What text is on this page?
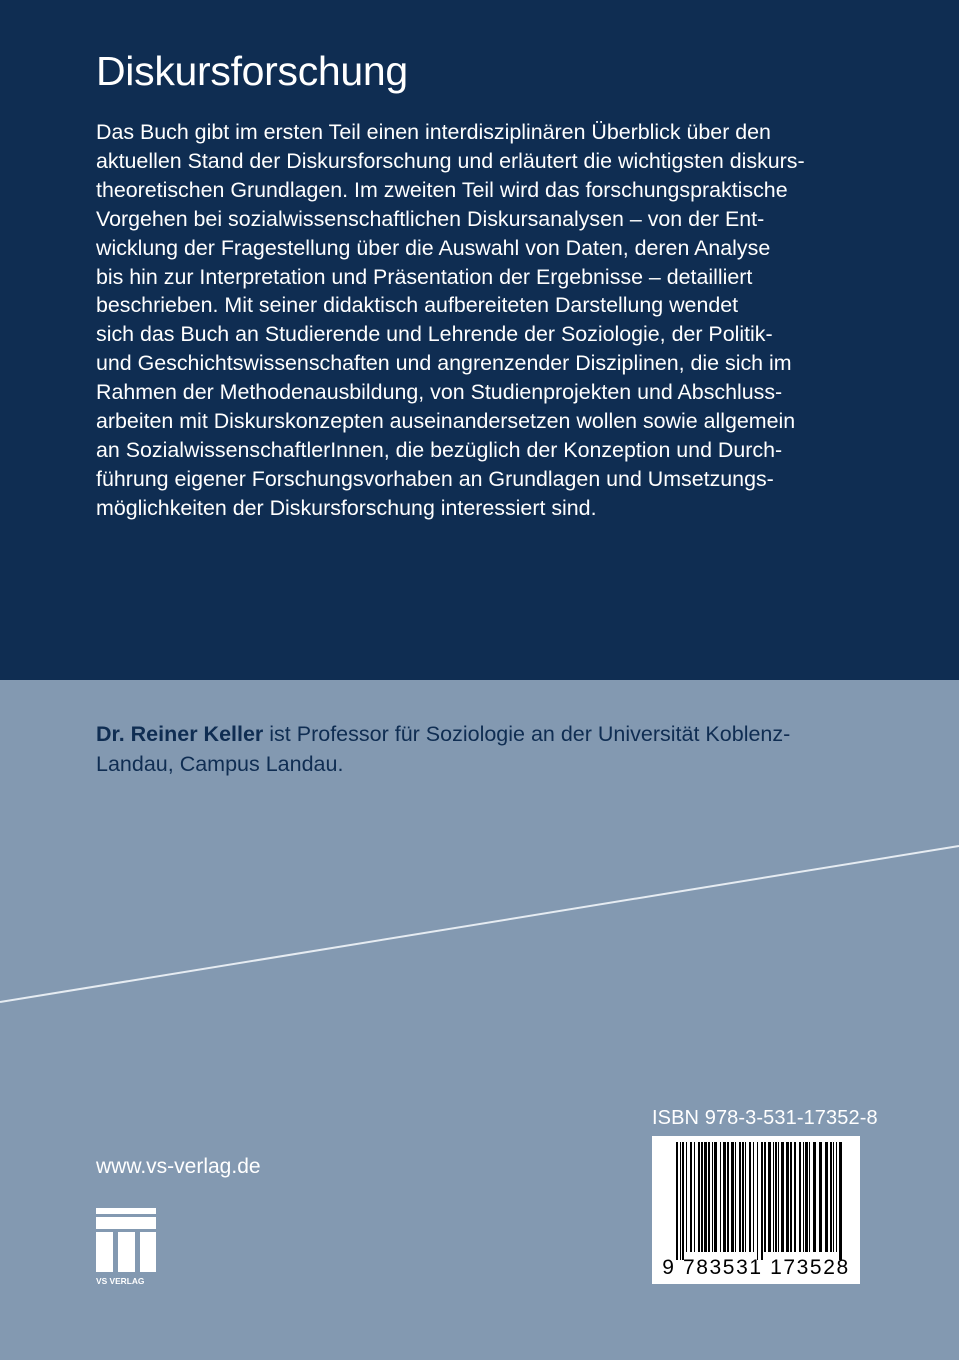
Diskursforschung

Das Buch gibt im ersten Teil einen interdisziplinären Überblick über den
aktuellen Stand der Diskursforschung und erläutert die wichtigsten diskurs-
theoretischen Grundlagen. Im zweiten Teil wird das forschungspraktische
Vorgehen bei sozialwissenschaftlichen Diskursanalysen – von der Ent-
wicklung der Fragestellung über die Auswahl von Daten, deren Analyse
bis hin zur Interpretation und Präsentation der Ergebnisse – detailliert
beschrieben. Mit seiner didaktisch aufbereiteten Darstellung wendet
sich das Buch an Studierende und Lehrende der Soziologie, der Politik-
und Geschichtswissenschaften und angrenzender Disziplinen, die sich im
Rahmen der Methodenausbildung, von Studienprojekten und Abschluss-
arbeiten mit Diskurskonzepten auseinandersetzen wollen sowie allgemein
an SozialwissenschaftlerInnen, die bezüglich der Konzeption und Durch-
führung eigener Forschungsvorhaben an Grundlagen und Umsetzungs-
möglichkeiten der Diskursforschung interessiert sind.

Dr. Reiner Keller ist Professor für Soziologie an der Universität Koblenz-
Landau, Campus Landau.

www.vs-verlag.de

VS VERLAG

ISBN 978-3-531-17352-8

9 783531 173528
